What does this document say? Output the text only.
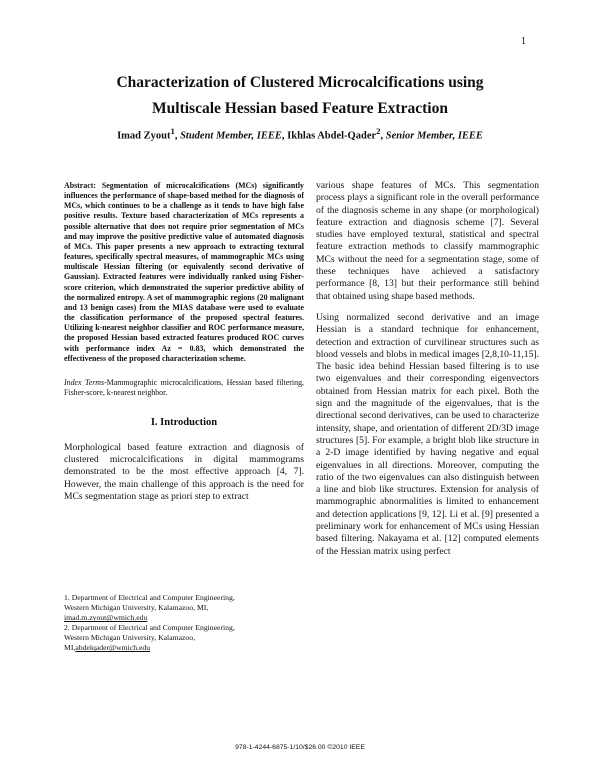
1
Characterization of Clustered Microcalcifications using
Multiscale Hessian based Feature Extraction
Imad Zyout$^1$, Student Member, IEEE, Ikhlas Abdel-Qader$^2$, Senior Member, IEEE

Abstract: Segmentation of microcalcifications (MCs) significantly influences the performance of shape-based method for the diagnosis of MCs, which continues to be a challenge as it tends to have high false positive results. Texture based characterization of MCs represents a possible alternative that does not require prior segmentation of MCs and may improve the positive predictive value of automated diagnosis of MCs. This paper presents a new approach to extracting textural features, specifically spectral measures, of mammographic MCs using multiscale Hessian filtering (or equivalently second derivative of Gaussian). Extracted features were individually ranked using Fisher-score criterion, which demonstrated the superior predictive ability of the normalized entropy. A set of mammographic regions (20 malignant and 13 benign cases) from the MIAS database were used to evaluate the classification performance of the proposed spectral features. Utilizing k-nearest neighbor classifier and ROC performance measure, the proposed Hessian based extracted features produced ROC curves with performance index Az = 0.83, which demonstrated the effectiveness of the proposed characterization scheme.

Index Terms-Mammographic microcalcifications, Hessian based filtering, Fisher-score, k-nearest neighbor.

I. Introduction

Morphological based feature extraction and diagnosis of clustered microcalcifications in digital mammograms demonstrated to be the most effective approach [4, 7]. However, the main challenge of this approach is the need for MCs segmentation stage as priori step to extract

various shape features of MCs. This segmentation process plays a significant role in the overall performance of the diagnosis scheme in any shape (or morphological) feature extraction and diagnosis scheme [7]. Several studies have employed textural, statistical and spectral feature extraction methods to classify mammographic MCs without the need for a segmentation stage, some of these techniques have achieved a satisfactory performance [8, 13] but their performance still behind that obtained using shape based methods.

Using normalized second derivative and an image Hessian is a standard technique for enhancement, detection and extraction of curvilinear structures such as blood vessels and blobs in medical images [2,8,10-11,15]. The basic idea behind Hessian based filtering is to use two eigenvalues and their corresponding eigenvectors obtained from Hessian matrix for each pixel. Both the sign and the magnitude of the eigenvalues, that is the directional second derivatives, can be used to characterize intensity, shape, and orientation of different 2D/3D image structures [5]. For example, a bright blob like structure in a 2-D image identified by having negative and equal eigenvalues in all directions. Moreover, computing the ratio of the two eigenvalues can also distinguish between a line and blob like structures. Extension for analysis of mammographic abnormalities is limited to enhancement and detection applications [9, 12]. Li et al. [9] presented a preliminary work for enhancement of MCs using Hessian based filtering. Nakayama et al. [12] computed elements of the Hessian matrix using perfect

1. Department of Electrical and Computer Engineering,

Western Michigan University, Kalamazoo, MI,

imad.m.zyout@wmich.edu

2. Department of Electrical and Computer Engineering,

Western Michigan University, Kalamazoo,

MI,abdelqader@wmich.edu

978-1-4244-6875-1/10/$26.00 ©2010 IEEE
